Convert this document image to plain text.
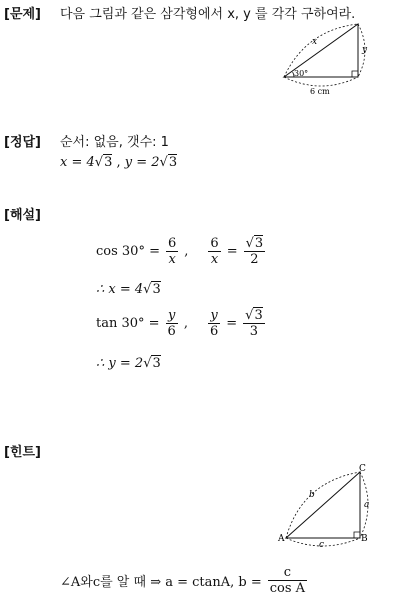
[문제] 다음 그림과 같은 삼각형에서 x, y 를 각각 구하여라.
x
y
30°
6 cm
[정답] 순서: 없음, 갯수: 1
x = 4√3 , y = 2√3
[해설]
$\cos 30^\circ = \frac{6}{x}$ , $\frac{6}{x} = \frac{√3}{2}$
∴ x = 4√3
$\tan 30^\circ = \frac{y}{6}$ , $\frac{y}{6} = \frac{√3}{3}$
∴ y = 2√3
[힌트]
C
A	B
b
a
c
∠A와c를 알 때 ⇒ a = ctanA, $b = \frac{c}{\text{cos A}}$
